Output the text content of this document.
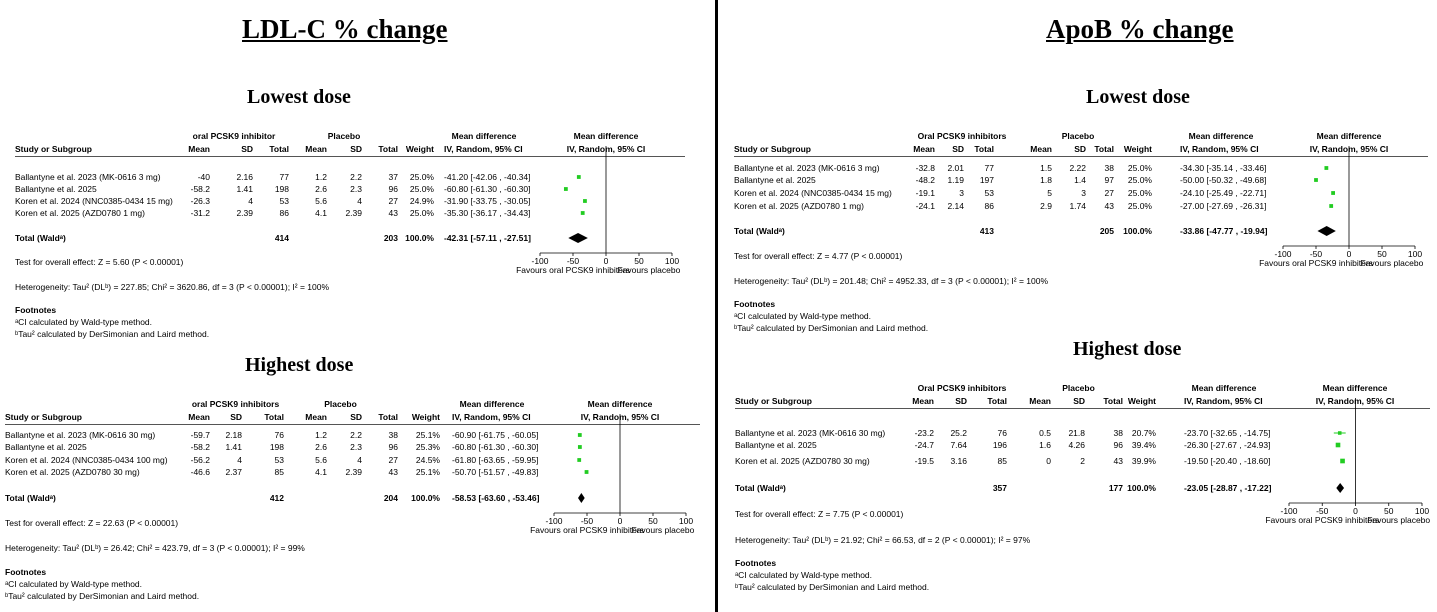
LDL-C % change
Lowest dose
oral PCSK9 inhibitor	Placebo	Mean difference	Mean difference
Study or Subgroup	Mean	SD	Total	Mean	SD	Total Weight IV, Random, 95% CI	IV, Random, 95% CI
Ballantyne et al. 2023 (MK-0616 3 mg)	-40	2.16	77	1.2	2.2	37	25.0% -41.20 [-42.06 , -40.34]
Ballantyne et al. 2025	-58.2	1.41	198	2.6	2.3	96	25.0% -60.80 [-61.30 , -60.30]
Koren et al. 2024 (NNC0385-0434 15 mg)	-26.3	4	53	5.6	4	27	24.9% -31.90 [-33.75 , -30.05]
Koren et al. 2025 (AZD0780 1 mg)	-31.2	2.39	86	4.1	2.39	43	25.0% -35.30 [-36.17 , -34.43]
Total (Waldᵃ)	414	203 100.0% -42.31 [-57.11 , -27.51]
Test for overall effect: Z = 5.60 (P < 0.00001)
Heterogeneity: Tau² (DLᵇ) = 227.85; Chi² = 3620.86, df = 3 (P < 0.00001); I² = 100%
Footnotes
ᵃCI calculated by Wald-type method.
ᵇTau² calculated by DerSimonian and Laird method.
-100	-50	0	50	100
Favours oral PCSK9 inhibitors
Favours placebo
Highest dose
oral PCSK9 inhibitors	Placebo	Mean difference	Mean difference
Study or Subgroup	Mean	SD	Total	Mean	SD	Total	Weight IV, Random, 95% CI	IV, Random, 95% CI
Ballantyne et al. 2023 (MK-0616 30 mg)	-59.7	2.18	76	1.2	2.2	38	25.1% -60.90 [-61.75 , -60.05]
Ballantyne et al. 2025	-58.2	1.41	198	2.6	2.3	96	25.3% -60.80 [-61.30 , -60.30]
Koren et al. 2024 (NNC0385-0434 100 mg)	-56.2	4	53	5.6	4	27	24.5% -61.80 [-63.65 , -59.95]
Koren et al. 2025 (AZD0780 30 mg)	-46.6	2.37	85	4.1	2.39	43	25.1% -50.70 [-51.57 , -49.83]
Total (Waldᵃ)	412	204	100.0% -58.53 [-63.60 , -53.46]
Test for overall effect: Z = 22.63 (P < 0.00001)
Heterogeneity: Tau² (DLᵇ) = 26.42; Chi² = 423.79, df = 3 (P < 0.00001); I² = 99%
Footnotes
ᵃCI calculated by Wald-type method.
ᵇTau² calculated by DerSimonian and Laird method.
-100	-50	0	50	100
Favours oral PCSK9 inhibitors
Favours placebo
ApoB % change
Lowest dose
Oral PCSK9 inhibitors	Placebo	Mean difference	Mean difference
Study or Subgroup	Mean	SD	Total	Mean	SD Total	Weight	IV, Random, 95% CI	IV, Random, 95% CI
Ballantyne et al. 2023 (MK-0616 3 mg)	-32.8	2.01	77	1.5	2.22	38	25.0%	-34.30 [-35.14 , -33.46]
Ballantyne et al. 2025	-48.2	1.19	197	1.8	1.4	97	25.0%	-50.00 [-50.32 , -49.68]
Koren et al. 2024 (NNC0385-0434 15 mg)	-19.1	3	53	5	3	27	25.0%	-24.10 [-25.49 , -22.71]
Koren et al. 2025 (AZD0780 1 mg)	-24.1	2.14	86	2.9	1.74	43	25.0%	-27.00 [-27.69 , -26.31]
Total (Waldᵃ)	413	205	100.0%	-33.86 [-47.77 , -19.94]
Test for overall effect: Z = 4.77 (P < 0.00001)
Heterogeneity: Tau² (DLᵇ) = 201.48; Chi² = 4952.33, df = 3 (P < 0.00001); I² = 100%
Footnotes
ᵃCI calculated by Wald-type method.
ᵇTau² calculated by DerSimonian and Laird method.
-100	-50	0	50	100
Favours oral PCSK9 inhibitors
Favours placebo
Highest dose
Oral PCSK9 inhibitors	Placebo	Mean difference	Mean difference
Study or Subgroup	Mean	SD	Total	Mean	SD	Total Weight	IV, Random, 95% CI	IV, Random, 95% CI
Ballantyne et al. 2023 (MK-0616 30 mg)	-23.2	25.2	76	0.5	21.8	38	20.7%	-23.70 [-32.65 , -14.75]
Ballantyne et al. 2025	-24.7	7.64	196	1.6	4.26	96	39.4%	-26.30 [-27.67 , -24.93]
Koren et al. 2025 (AZD0780 30 mg)	-19.5	3.16	85	0	2	43	39.9%	-19.50 [-20.40 , -18.60]
Total (Waldᵃ)	357	177 100.0%	-23.05 [-28.87 , -17.22]
Test for overall effect: Z = 7.75 (P < 0.00001)
Heterogeneity: Tau² (DLᵇ) = 21.92; Chi² = 66.53, df = 2 (P < 0.00001); I² = 97%
Footnotes
ᵃCI calculated by Wald-type method.
ᵇTau² calculated by DerSimonian and Laird method.
-100	-50	0	50	100
Favours oral PCSK9 inhibitors
Favours placebo
